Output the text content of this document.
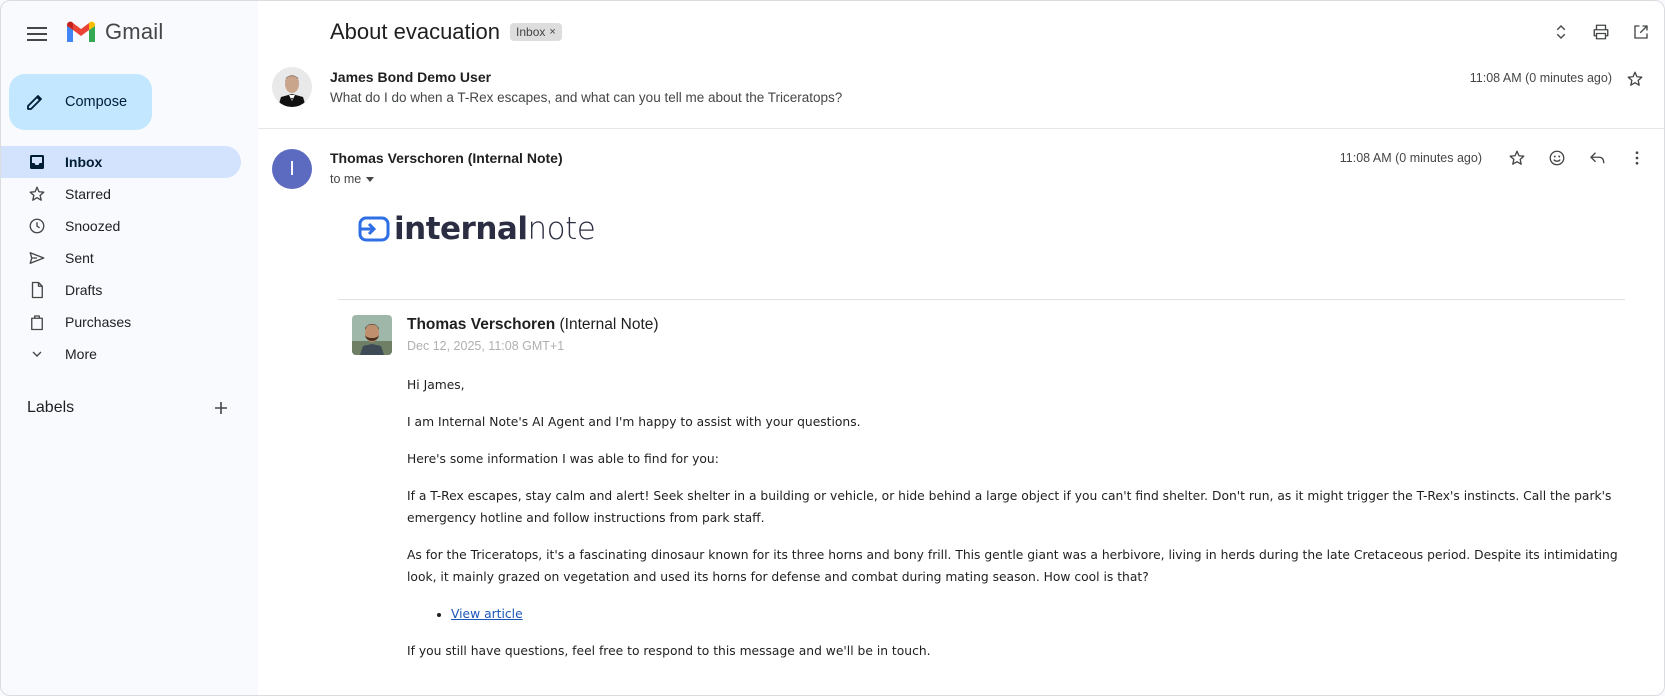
Gmail
Compose
Inbox
Starred
Snoozed
Sent
Drafts
Purchases
More
Labels
About evacuation Inbox ×
James Bond Demo User
What do I do when a T-Rex escapes, and what can you tell me about the Triceratops?
11:08 AM (0 minutes ago)
I	Thomas Verschoren (Internal Note)
to me
11:08 AM (0 minutes ago)
internalnote
Thomas Verschoren (Internal Note)
Dec 12, 2025, 11:08 GMT+1

Hi James,

I am Internal Note's AI Agent and I'm happy to assist with your questions.

Here's some information I was able to find for you:

If a T-Rex escapes, stay calm and alert! Seek shelter in a building or vehicle, or hide behind a large object if you can't find shelter. Don't run, as it might trigger the T-Rex's instincts. Call the park's emergency hotline and follow instructions from park staff.

As for the Triceratops, it's a fascinating dinosaur known for its three horns and bony frill. This gentle giant was a herbivore, living in herds during the late Cretaceous period. Despite its intimidating look, it mainly grazed on vegetation and used its horns for defense and combat during mating season. How cool is that?

• View article

If you still have questions, feel free to respond to this message and we'll be in touch.
